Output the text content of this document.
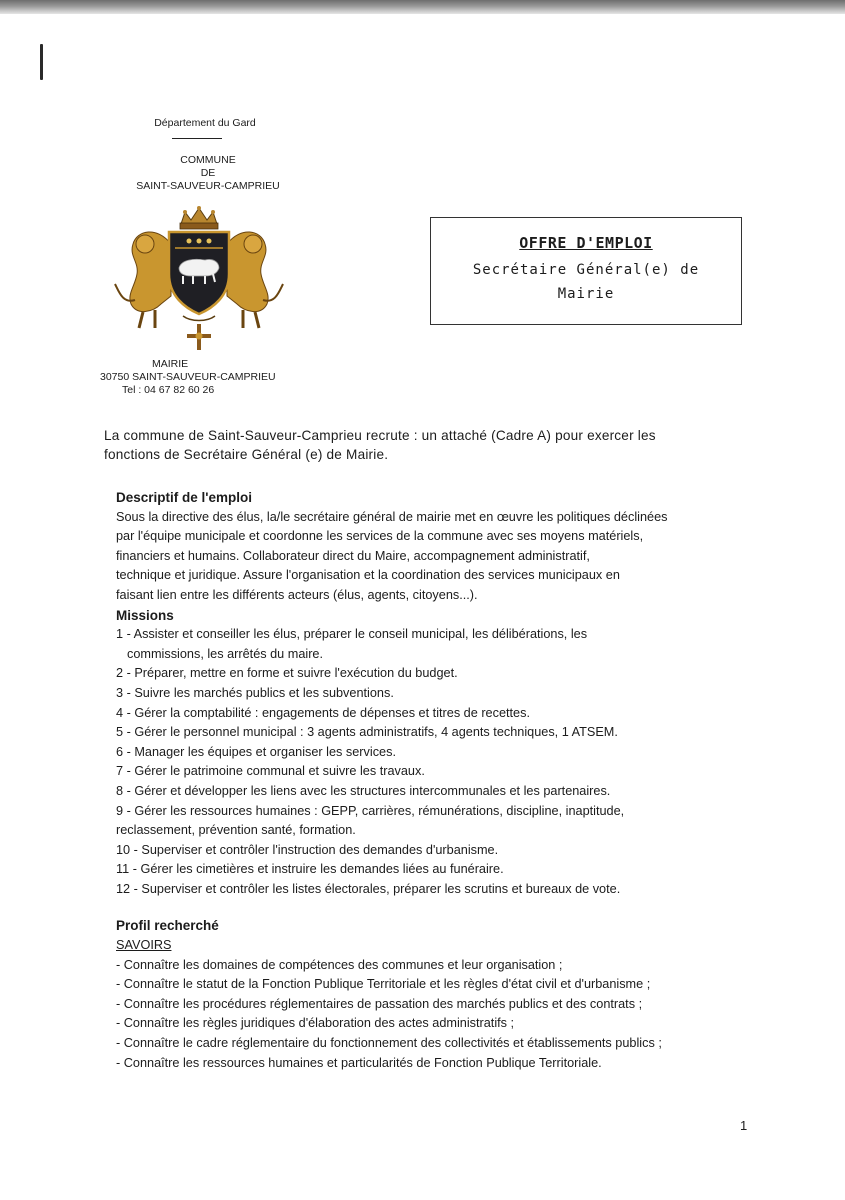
Département du Gard
COMMUNE
DE
SAINT-SAUVEUR-CAMPRIEU
MAIRIE
30750 SAINT-SAUVEUR-CAMPRIEU
Tel : 04 67 82 60 26
OFFRE D'EMPLOI
Secrétaire Général(e) de
Mairie
La commune de Saint-Sauveur-Camprieu recrute : un attaché (Cadre A) pour exercer les
fonctions de Secrétaire Général (e) de Mairie.
Descriptif de l'emploi

Sous la directive des élus, la/le secrétaire général de mairie met en œuvre les politiques déclinées

par l'équipe municipale et coordonne les services de la commune avec ses moyens matériels,

financiers et humains. Collaborateur direct du Maire, accompagnement administratif,

technique et juridique. Assure l'organisation et la coordination des services municipaux en

faisant lien entre les différents acteurs (élus, agents, citoyens...).

Missions
1 - Assister et conseiller les élus, préparer le conseil municipal, les délibérations, les
commissions, les arrêtés du maire.
2 - Préparer, mettre en forme et suivre l'exécution du budget.
3 - Suivre les marchés publics et les subventions.
4 - Gérer la comptabilité : engagements de dépenses et titres de recettes.
5 - Gérer le personnel municipal : 3 agents administratifs, 4 agents techniques, 1 ATSEM.
6 - Manager les équipes et organiser les services.
7 - Gérer le patrimoine communal et suivre les travaux.
8 - Gérer et développer les liens avec les structures intercommunales et les partenaires.
9 - Gérer les ressources humaines : GEPP, carrières, rémunérations, discipline, inaptitude,
reclassement, prévention santé, formation.
10 - Superviser et contrôler l'instruction des demandes d'urbanisme.
11 - Gérer les cimetières et instruire les demandes liées au funéraire.
12 - Superviser et contrôler les listes électorales, préparer les scrutins et bureaux de vote.
Profil recherché

SAVOIRS

- Connaître les domaines de compétences des communes et leur organisation ;

- Connaître le statut de la Fonction Publique Territoriale et les règles d'état civil et d'urbanisme ;

- Connaître les procédures réglementaires de passation des marchés publics et des contrats ;

- Connaître les règles juridiques d'élaboration des actes administratifs ;

- Connaître le cadre réglementaire du fonctionnement des collectivités et établissements publics ;

- Connaître les ressources humaines et particularités de Fonction Publique Territoriale.

1
